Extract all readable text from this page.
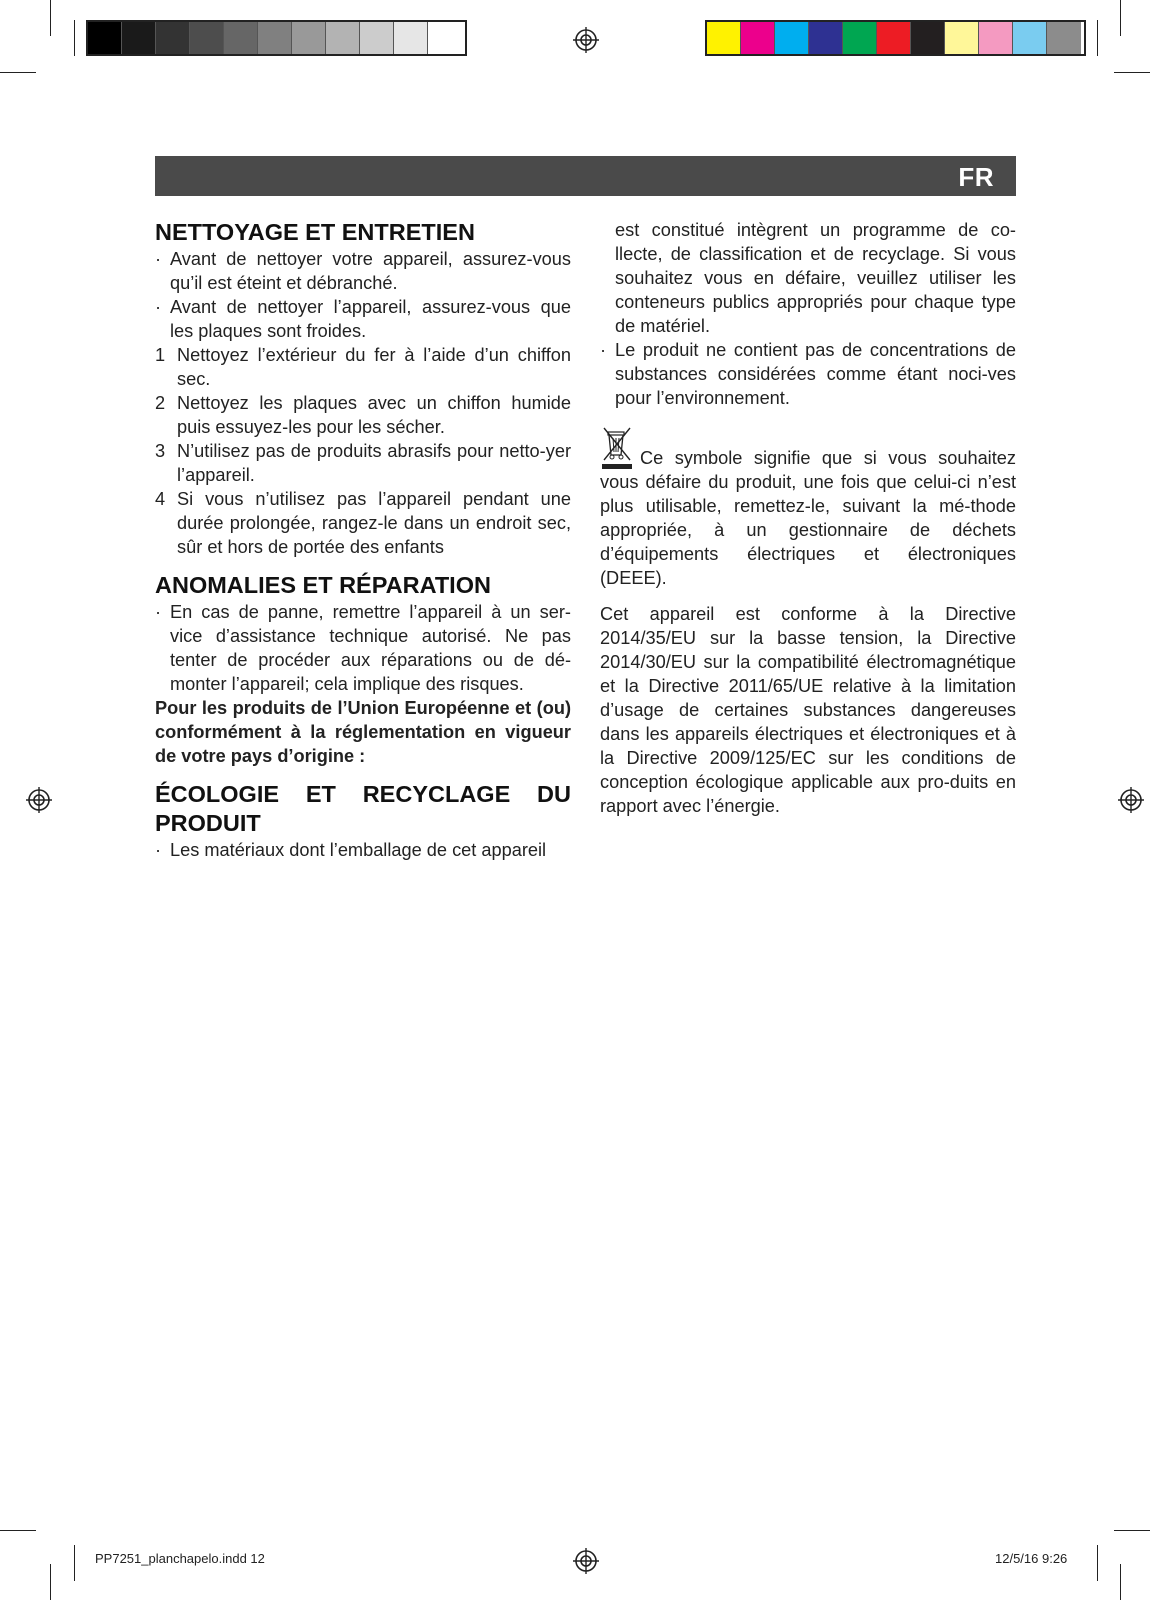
FR
NETTOYAGE ET ENTRETIEN

· Avant de nettoyer votre appareil, assurez-vous qu’il est éteint et débranché.

· Avant de nettoyer l’appareil, assurez-vous que les plaques sont froides.

1 Nettoyez l’extérieur du fer à l’aide d’un chiffon sec.

2 Nettoyez les plaques avec un chiffon humide puis essuyez-les pour les sécher.

3 N’utilisez pas de produits abrasifs pour netto-yer l’appareil.

4 Si vous n’utilisez pas l’appareil pendant une durée prolongée, rangez-le dans un endroit sec, sûr et hors de portée des enfants

ANOMALIES ET RÉPARATION

· En cas de panne, remettre l’appareil à un ser-vice d’assistance technique autorisé. Ne pas tenter de procéder aux réparations ou de dé-monter l’appareil; cela implique des risques.

Pour les produits de l’Union Européenne et (ou) conformément à la réglementation en vigueur de votre pays d’origine :

ÉCOLOGIE ET RECYCLAGE DU PRODUIT

· Les matériaux dont l’emballage de cet appareil

est constitué intègrent un programme de co-llecte, de classification et de recyclage. Si vous souhaitez vous en défaire, veuillez utiliser les conteneurs publics appropriés pour chaque type de matériel.

· Le produit ne contient pas de concentrations de substances considérées comme étant noci-ves pour l’environnement.

Ce symbole signifie que si vous souhaitez vous défaire du produit, une fois que celui-ci n’est plus utilisable, remettez-le, suivant la mé-thode appropriée, à un gestionnaire de déchets d’équipements électriques et électroniques (DEEE).

Cet appareil est conforme à la Directive 2014/35/EU sur la basse tension, la Directive 2014/30/EU sur la compatibilité électromagnétique et la Directive 2011/65/UE relative à la limitation d’usage de certaines substances dangereuses dans les appareils électriques et électroniques et à la Directive 2009/125/EC sur les conditions de conception écologique applicable aux pro-duits en rapport avec l’énergie.

PP7251_planchapelo.indd 12	12/5/16 9:26
